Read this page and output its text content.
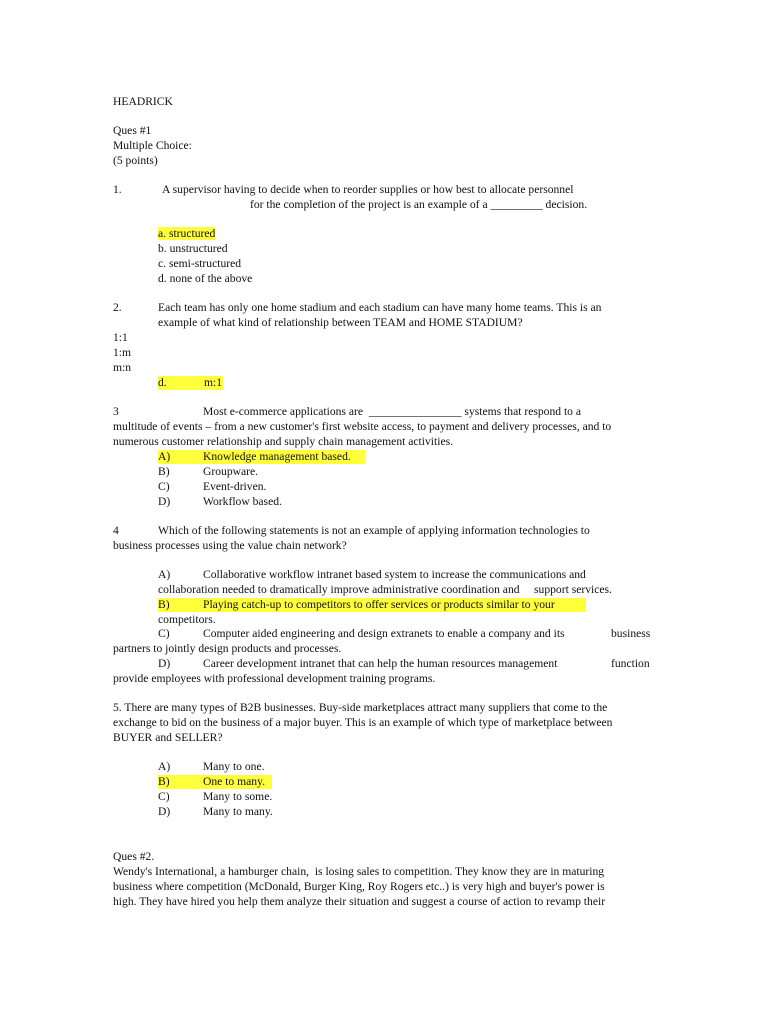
HEADRICK
Ques #1
Multiple Choice:
(5 points)
1.	A supervisor having to decide when to reorder supplies or how best to allocate personnel
for the completion of the project is an example of a _________ decision.
a. structured
b. unstructured
c. semi-structured
d. none of the above
2.	Each team has only one home stadium and each stadium can have many home teams. This is an
example of what kind of relationship between TEAM and HOME STADIUM?
1:1
1:m
m:n
d.	m:1
3	Most e-commerce applications are  ________________ systems that respond to a
multitude of events – from a new customer's first website access, to payment and delivery processes, and to
numerous customer relationship and supply chain management activities.
A)	Knowledge management based.
B)	Groupware.
C)	Event-driven.
D)	Workflow based.
4	Which of the following statements is not an example of applying information technologies to
business processes using the value chain network?
A)	Collaborative workflow intranet based system to increase the communications and
collaboration needed to dramatically improve administrative coordination and     support services.
B)	Playing catch-up to competitors to offer services or products similar to your
competitors.
C)	Computer aided engineering and design extranets to enable a company and its	business
partners to jointly design products and processes.
D)	Career development intranet that can help the human resources management	function
provide employees with professional development training programs.
5. There are many types of B2B businesses. Buy-side marketplaces attract many suppliers that come to the
exchange to bid on the business of a major buyer. This is an example of which type of marketplace between
BUYER and SELLER?
A)	Many to one.
B)	One to many.
C)	Many to some.
D)	Many to many.
Ques #2.
Wendy's International, a hamburger chain,  is losing sales to competition. They know they are in maturing
business where competition (McDonald, Burger King, Roy Rogers etc..) is very high and buyer's power is
high. They have hired you help them analyze their situation and suggest a course of action to revamp their
